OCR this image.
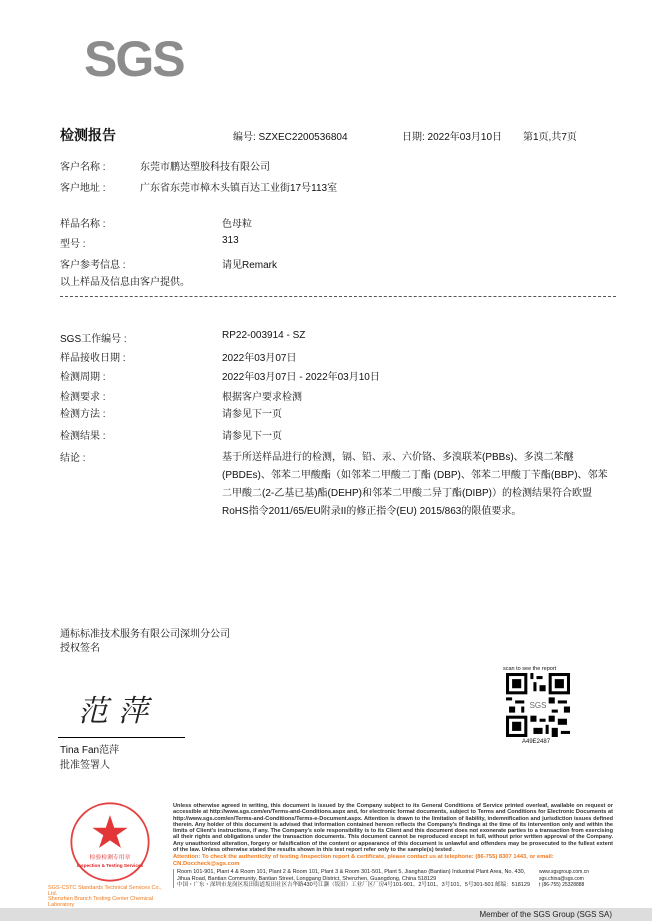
SGS
检测报告	编号: SZXEC2200536804	日期: 2022年03月10日 第1页,共7页
客户名称 :	东莞市鹏达塑胶科技有限公司
客户地址 :	广东省东莞市樟木头镇百达工业街17号113室
样品名称 :	色母粒
型号 :	313
客户参考信息 :	请见Remark
以上样品及信息由客户提供。
SGS工作编号 :	RP22-003914 - SZ
样品接收日期 :	2022年03月07日
检测周期 :	2022年03月07日 - 2022年03月10日
检测要求 :	根据客户要求检测
检测方法 :	请参见下一页
检测结果 :	请参见下一页
结论 :	基于所送样品进行的检测，镉、铅、汞、六价铬、多溴联苯(PBBs)、多溴二苯醚(PBDEs)、邻苯二甲酸酯（如邻苯二甲酸二丁酯 (DBP)、邻苯二甲酸丁苄酯(BBP)、邻苯二甲酸二(2-乙基已基)酯(DEHP)和邻苯二甲酸二异丁酯(DIBP)）的检测结果符合欧盟RoHS指令2011/65/EU附录II的修正指令(EU) 2015/863的限值要求。
通标标准技术服务有限公司深圳分公司
授权签名
范萍
Tina Fan范萍
批准签署人
scan to see the report
SGS
A49E2487
检验检测专用章
Inspection & Testing Services
SGS-CSTC Standards Technical Services Co., Ltd.
Shenzhen Branch Testing Center Chemical Laboratory
Unless otherwise agreed in writing, this document is issued by the Company subject to its General Conditions of Service printed overleaf, available on request or accessible at http://www.sgs.com/en/Terms-and-Conditions.aspx and, for electronic format documents, subject to Terms and Conditions for Electronic Documents at http://www.sgs.com/en/Terms-and-Conditions/Terms-e-Document.aspx. Attention is drawn to the limitation of liability, indemnification and jurisdiction issues defined therein. Any holder of this document is advised that information contained hereon reflects the Company's findings at the time of its intervention only and within the limits of Client's instructions, if any. The Company's sole responsibility is to its Client and this document does not exonerate parties to a transaction from exercising all their rights and obligations under the transaction documents. This document cannot be reproduced except in full, without prior written approval of the Company. Any unauthorized alteration, forgery or falsification of the content or appearance of this document is unlawful and offenders may be prosecuted to the fullest extent of the law. Unless otherwise stated the results shown in this test report refer only to the sample(s) tested .
Attention: To check the authenticity of testing /inspection report & certificate, please contact us at telephone: (86-755) 8307 1443, or email: CN.Doccheck@sgs.com
Room 101-901, Plant 4 & Room 101, Plant 2 & Room 101, Plant 3 & Room 301-501, Plant 5, Jianghao (Bantian) Industrial Plant Area, No. 430, Jihua Road, Bantian Community, Bantian Street, Longgang District, Shenzhen, Guangdong, China 518129
中国・广东・深圳市龙岗区坂田街道坂田社区吉华路430号江灏（坂田）工业厂区厂房4号101-901、2号101、3号101、5号301-501 邮编：518129
www.sgsgroup.com.cn
sgs.china@sgs.com
t (86-755) 25328888
Member of the SGS Group (SGS SA)
